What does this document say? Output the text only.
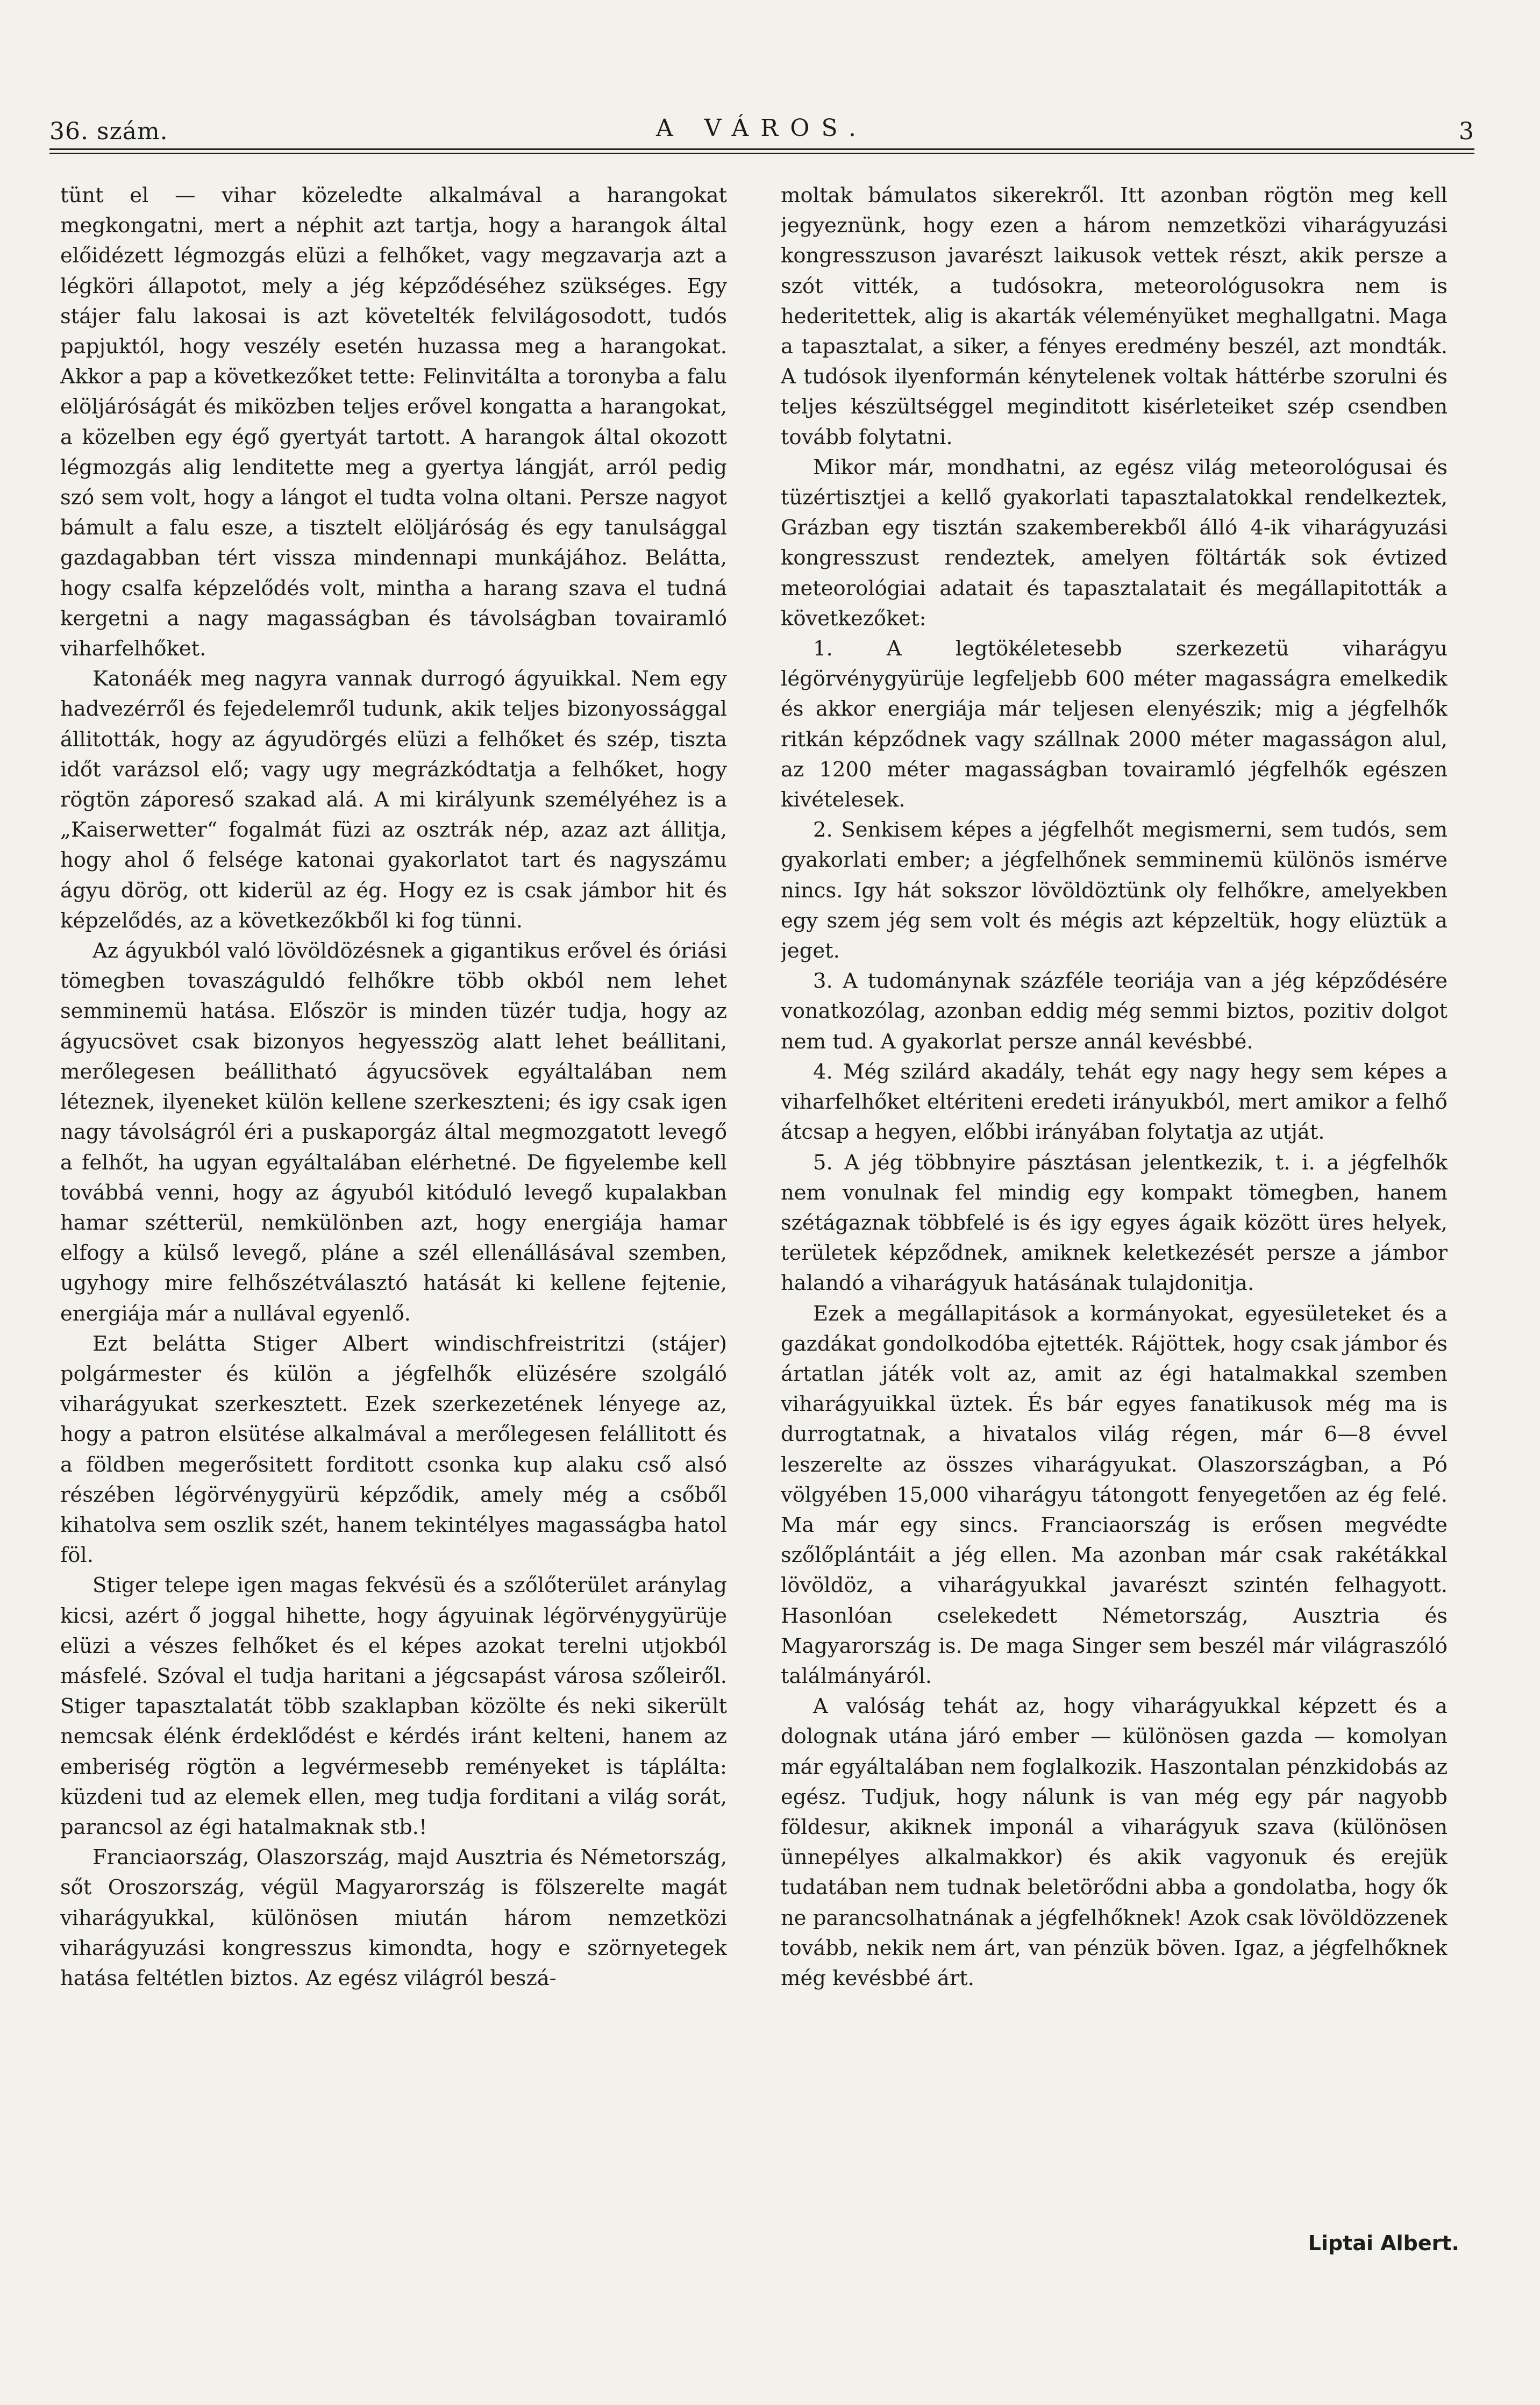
36. szám.	A VÁROS.	3

tünt el — vihar közeledte alkalmával a harangokat megkongatni, mert a néphit azt tartja, hogy a harangok által előidézett légmozgás elüzi a felhőket, vagy megzavarja azt a légköri állapotot, mely a jég képződéséhez szükséges. Egy stájer falu lakosai is azt követelték felvilágosodott, tudós papjuktól, hogy veszély esetén huzassa meg a harangokat. Akkor a pap a következőket tette: Felinvitálta a toronyba a falu elöljáróságát és miközben teljes erővel kongatta a harangokat, a közelben egy égő gyertyát tartott. A harangok által okozott légmozgás alig lenditette meg a gyertya lángját, arról pedig szó sem volt, hogy a lángot el tudta volna oltani. Persze nagyot bámult a falu esze, a tisztelt elöljáróság és egy tanulsággal gazdagabban tért vissza mindennapi munkájához. Belátta, hogy csalfa képzelődés volt, mintha a harang szava el tudná kergetni a nagy magasságban és távolságban tovairamló viharfelhőket.

Katonáék meg nagyra vannak durrogó ágyuikkal. Nem egy hadvezérről és fejedelemről tudunk, akik teljes bizonyossággal állitották, hogy az ágyudörgés elüzi a felhőket és szép, tiszta időt varázsol elő; vagy ugy megrázkódtatja a felhőket, hogy rögtön záporeső szakad alá. A mi királyunk személyéhez is a „Kaiserwetter“ fogalmát füzi az osztrák nép, azaz azt állitja, hogy ahol ő felsége katonai gyakorlatot tart és nagyszámu ágyu dörög, ott kiderül az ég. Hogy ez is csak jámbor hit és képzelődés, az a következőkből ki fog tünni.

Az ágyukból való lövöldözésnek a gigantikus erővel és óriási tömegben tovaszáguldó felhőkre több okból nem lehet semminemü hatása. Először is minden tüzér tudja, hogy az ágyucsövet csak bizonyos hegyesszög alatt lehet beállitani, merőlegesen beállitható ágyucsövek egyáltalában nem léteznek, ilyeneket külön kellene szerkeszteni; és igy csak igen nagy távolságról éri a puskaporgáz által megmozgatott levegő a felhőt, ha ugyan egyáltalában elérhetné. De figyelembe kell továbbá venni, hogy az ágyuból kitóduló levegő kupalakban hamar szétterül, nemkülönben azt, hogy energiája hamar elfogy a külső levegő, pláne a szél ellenállásával szemben, ugyhogy mire felhőszétválasztó hatását ki kellene fejtenie, energiája már a nullával egyenlő.

Ezt belátta Stiger Albert windischfreistritzi (stájer) polgármester és külön a jégfelhők elüzésére szolgáló viharágyukat szerkesztett. Ezek szerkezetének lényege az, hogy a patron elsütése alkalmával a merőlegesen felállitott és a földben megerősitett forditott csonka kup alaku cső alsó részében légörvénygyürü képződik, amely még a csőből kihatolva sem oszlik szét, hanem tekintélyes magasságba hatol föl.

Stiger telepe igen magas fekvésü és a szőlőterület aránylag kicsi, azért ő joggal hihette, hogy ágyuinak légörvénygyürüje elüzi a vészes felhőket és el képes azokat terelni utjokból másfelé. Szóval el tudja haritani a jégcsapást városa szőleiről. Stiger tapasztalatát több szaklapban közölte és neki sikerült nemcsak élénk érdeklődést e kérdés iránt kelteni, hanem az emberiség rögtön a legvérmesebb reményeket is táplálta: küzdeni tud az elemek ellen, meg tudja forditani a világ sorát, parancsol az égi hatalmaknak stb.!

Franciaország, Olaszország, majd Ausztria és Németország, sőt Oroszország, végül Magyarország is fölszerelte magát viharágyukkal, különösen miután három nemzetközi viharágyuzási kongresszus kimondta, hogy e szörnyetegek hatása feltétlen biztos. Az egész világról beszá-

moltak bámulatos sikerekről. Itt azonban rögtön meg kell jegyeznünk, hogy ezen a három nemzetközi viharágyuzási kongresszuson javarészt laikusok vettek részt, akik persze a szót vitték, a tudósokra, meteorológusokra nem is hederitettek, alig is akarták véleményüket meghallgatni. Maga a tapasztalat, a siker, a fényes eredmény beszél, azt mondták. A tudósok ilyenformán kénytelenek voltak háttérbe szorulni és teljes készültséggel meginditott kisérleteiket szép csendben tovább folytatni.

Mikor már, mondhatni, az egész világ meteorológusai és tüzértisztjei a kellő gyakorlati tapasztalatokkal rendelkeztek, Grázban egy tisztán szakemberekből álló 4-ik viharágyuzási kongresszust rendeztek, amelyen föltárták sok évtized meteorológiai adatait és tapasztalatait és megállapitották a következőket:

1. A legtökéletesebb szerkezetü viharágyu légörvénygyürüje legfeljebb 600 méter magasságra emelkedik és akkor energiája már teljesen elenyészik; mig a jégfelhők ritkán képződnek vagy szállnak 2000 méter magasságon alul, az 1200 méter magasságban tovairamló jégfelhők egészen kivételesek.

2. Senkisem képes a jégfelhőt megismerni, sem tudós, sem gyakorlati ember; a jégfelhőnek semminemü különös ismérve nincs. Igy hát sokszor lövöldöztünk oly felhőkre, amelyekben egy szem jég sem volt és mégis azt képzeltük, hogy elüztük a jeget.

3. A tudománynak százféle teoriája van a jég képződésére vonatkozólag, azonban eddig még semmi biztos, pozitiv dolgot nem tud. A gyakorlat persze annál kevésbbé.

4. Még szilárd akadály, tehát egy nagy hegy sem képes a viharfelhőket eltériteni eredeti irányukból, mert amikor a felhő átcsap a hegyen, előbbi irányában folytatja az utját.

5. A jég többnyire pásztásan jelentkezik, t. i. a jégfelhők nem vonulnak fel mindig egy kompakt tömegben, hanem szétágaznak többfelé is és igy egyes ágaik között üres helyek, területek képződnek, amiknek keletkezését persze a jámbor halandó a viharágyuk hatásának tulajdonitja.

Ezek a megállapitások a kormányokat, egyesületeket és a gazdákat gondolkodóba ejtették. Rájöttek, hogy csak jámbor és ártatlan játék volt az, amit az égi hatalmakkal szemben viharágyuikkal üztek. És bár egyes fanatikusok még ma is durrogtatnak, a hivatalos világ régen, már 6—8 évvel leszerelte az összes viharágyukat. Olaszországban, a Pó völgyében 15,000 viharágyu tátongott fenyegetően az ég felé. Ma már egy sincs. Franciaország is erősen megvédte szőlőplántáit a jég ellen. Ma azonban már csak rakétákkal lövöldöz, a viharágyukkal javarészt szintén felhagyott. Hasonlóan cselekedett Németország, Ausztria és Magyarország is. De maga Singer sem beszél már világraszóló találmányáról.

A valóság tehát az, hogy viharágyukkal képzett és a dolognak utána járó ember — különösen gazda — komolyan már egyáltalában nem foglalkozik. Haszontalan pénzkidobás az egész. Tudjuk, hogy nálunk is van még egy pár nagyobb földesur, akiknek imponál a viharágyuk szava (különösen ünnepélyes alkalmakkor) és akik vagyonuk és erejük tudatában nem tudnak beletörődni abba a gondolatba, hogy ők ne parancsolhatnának a jégfelhőknek! Azok csak lövöldözzenek tovább, nekik nem árt, van pénzük böven. Igaz, a jégfelhőknek még kevésbbé árt.

Liptai Albert.
